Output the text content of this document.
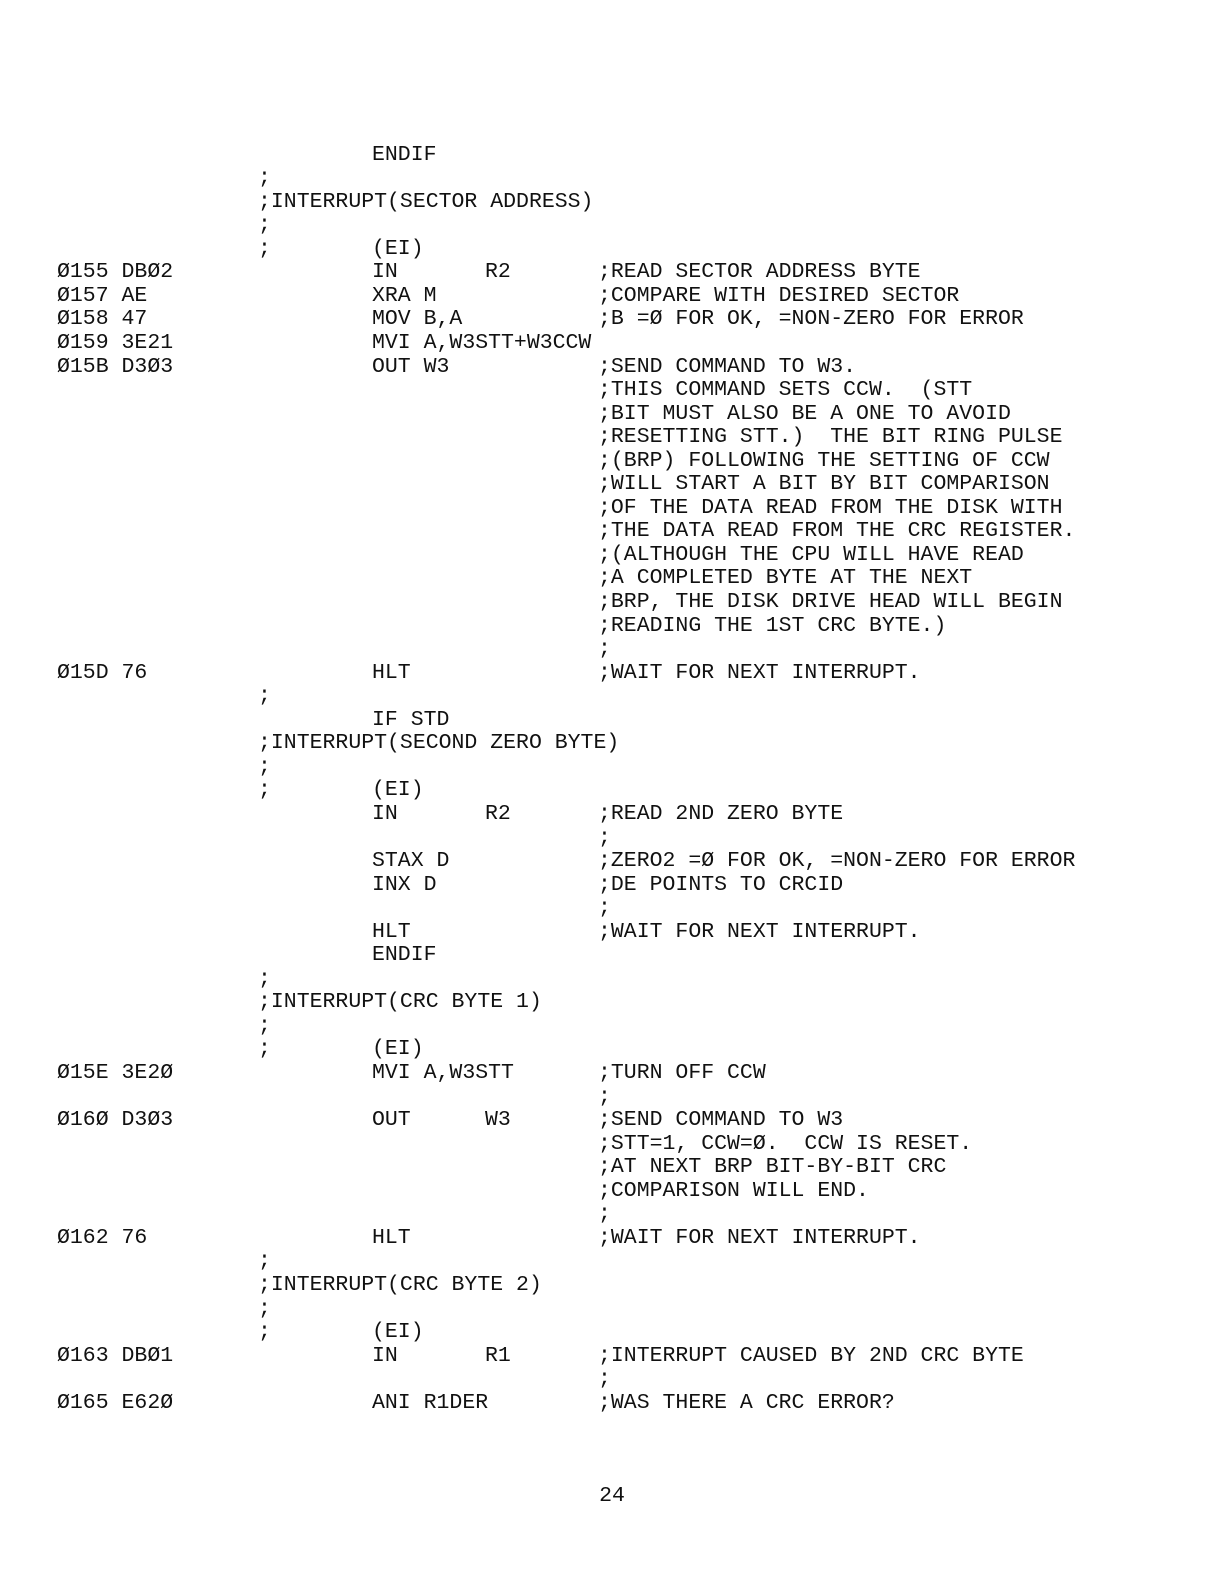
ENDIF
;
;INTERRUPT(SECTOR ADDRESS)
;
;	(EI)
Ø155 DBØ2	IN	R2	;READ SECTOR ADDRESS BYTE
Ø157 AE	XRA M	;COMPARE WITH DESIRED SECTOR
Ø158 47	MOV B,A	;B =Ø FOR OK, =NON-ZERO FOR ERROR
Ø159 3E21	MVI A,W3STT+W3CCW
Ø15B D3Ø3	OUT W3	;SEND COMMAND TO W3.
;THIS COMMAND SETS CCW.  (STT
;BIT MUST ALSO BE A ONE TO AVOID
;RESETTING STT.)  THE BIT RING PULSE
;(BRP) FOLLOWING THE SETTING OF CCW
;WILL START A BIT BY BIT COMPARISON
;OF THE DATA READ FROM THE DISK WITH
;THE DATA READ FROM THE CRC REGISTER.
;(ALTHOUGH THE CPU WILL HAVE READ
;A COMPLETED BYTE AT THE NEXT
;BRP, THE DISK DRIVE HEAD WILL BEGIN
;READING THE 1ST CRC BYTE.)
;
Ø15D 76	HLT	;WAIT FOR NEXT INTERRUPT.
;
IF STD
;INTERRUPT(SECOND ZERO BYTE)
;
;	(EI)
IN	R2	;READ 2ND ZERO BYTE
;
STAX D	;ZERO2 =Ø FOR OK, =NON-ZERO FOR ERROR
INX D	;DE POINTS TO CRCID
;
HLT	;WAIT FOR NEXT INTERRUPT.
ENDIF
;
;INTERRUPT(CRC BYTE 1)
;
;	(EI)
Ø15E 3E2Ø	MVI A,W3STT	;TURN OFF CCW
;
Ø16Ø D3Ø3	OUT	W3	;SEND COMMAND TO W3
;STT=1, CCW=Ø.  CCW IS RESET.
;AT NEXT BRP BIT-BY-BIT CRC
;COMPARISON WILL END.
;
Ø162 76	HLT	;WAIT FOR NEXT INTERRUPT.
;
;INTERRUPT(CRC BYTE 2)
;
;	(EI)
Ø163 DBØ1	IN	R1	;INTERRUPT CAUSED BY 2ND CRC BYTE
;
Ø165 E62Ø	ANI R1DER	;WAS THERE A CRC ERROR?
24
